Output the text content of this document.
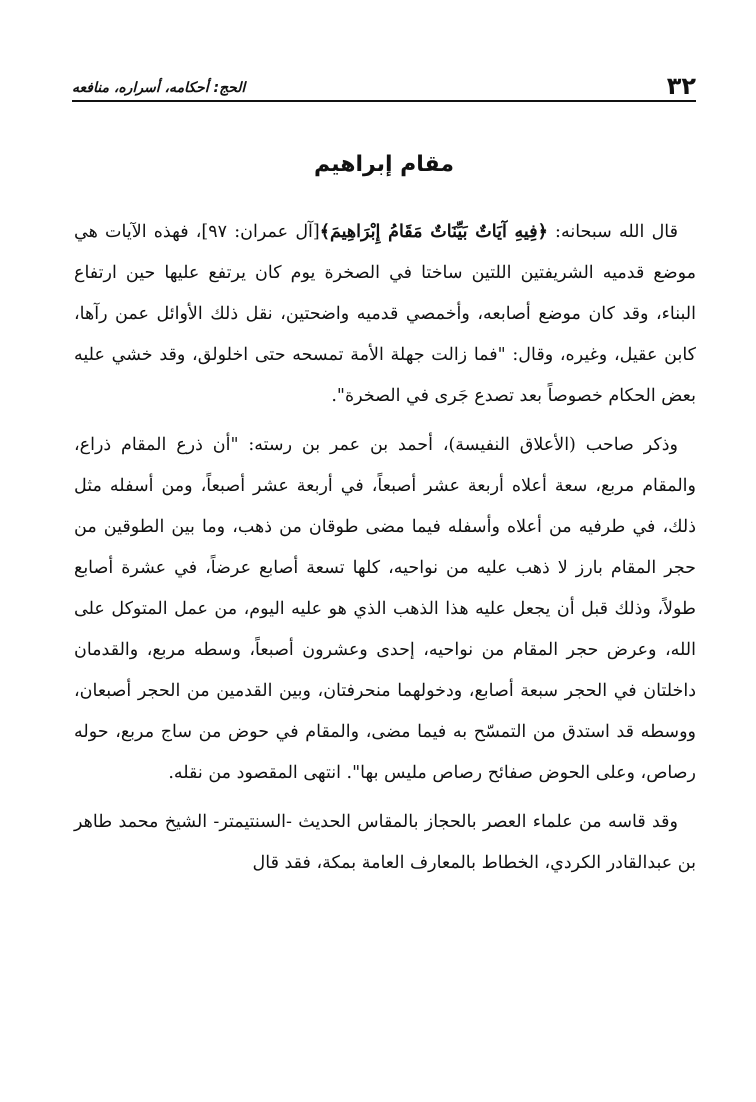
٣٢
الحج: أحكامه، أسراره، منافعه
مقام إبراهيم

قال الله سبحانه: ﴿فِيهِ آيَاتٌ بَيِّنَاتٌ مَقَامُ إِبْرَاهِيمَ﴾[آل عمران: ٩٧]، فهذه الآيات هي موضع قدميه الشريفتين اللتين ساختا في الصخرة يوم كان يرتفع عليها حين ارتفاع البناء، وقد كان موضع أصابعه، وأخمصي قدميه واضحتين، نقل ذلك الأوائل عمن رآها، كابن عقيل، وغيره، وقال: "فما زالت جهلة الأمة تمسحه حتى اخلولق، وقد خشي عليه بعض الحكام خصوصاً بعد تصدع جَرى في الصخرة".

وذكر صاحب (الأعلاق النفيسة)، أحمد بن عمر بن رسته: "أن ذرع المقام ذراع، والمقام مربع، سعة أعلاه أربعة عشر أصبعاً، في أربعة عشر أصبعاً، ومن أسفله مثل ذلك، في طرفيه من أعلاه وأسفله فيما مضى طوقان من ذهب، وما بين الطوقين من حجر المقام بارز لا ذهب عليه من نواحيه، كلها تسعة أصابع عرضاً، في عشرة أصابع طولاً، وذلك قبل أن يجعل عليه هذا الذهب الذي هو عليه اليوم، من عمل المتوكل على الله، وعرض حجر المقام من نواحيه، إحدى وعشرون أصبعاً، وسطه مربع، والقدمان داخلتان في الحجر سبعة أصابع، ودخولهما منحرفتان، وبين القدمين من الحجر أصبعان، ووسطه قد استدق من التمسّح به فيما مضى، والمقام في حوض من ساج مربع، حوله رصاص، وعلى الحوض صفائح رصاص مليس بها". انتهى المقصود من نقله.

وقد قاسه من علماء العصر بالحجاز بالمقاس الحديث -السنتيمتر- الشيخ محمد طاهر بن عبدالقادر الكردي، الخطاط بالمعارف العامة بمكة، فقد قال
